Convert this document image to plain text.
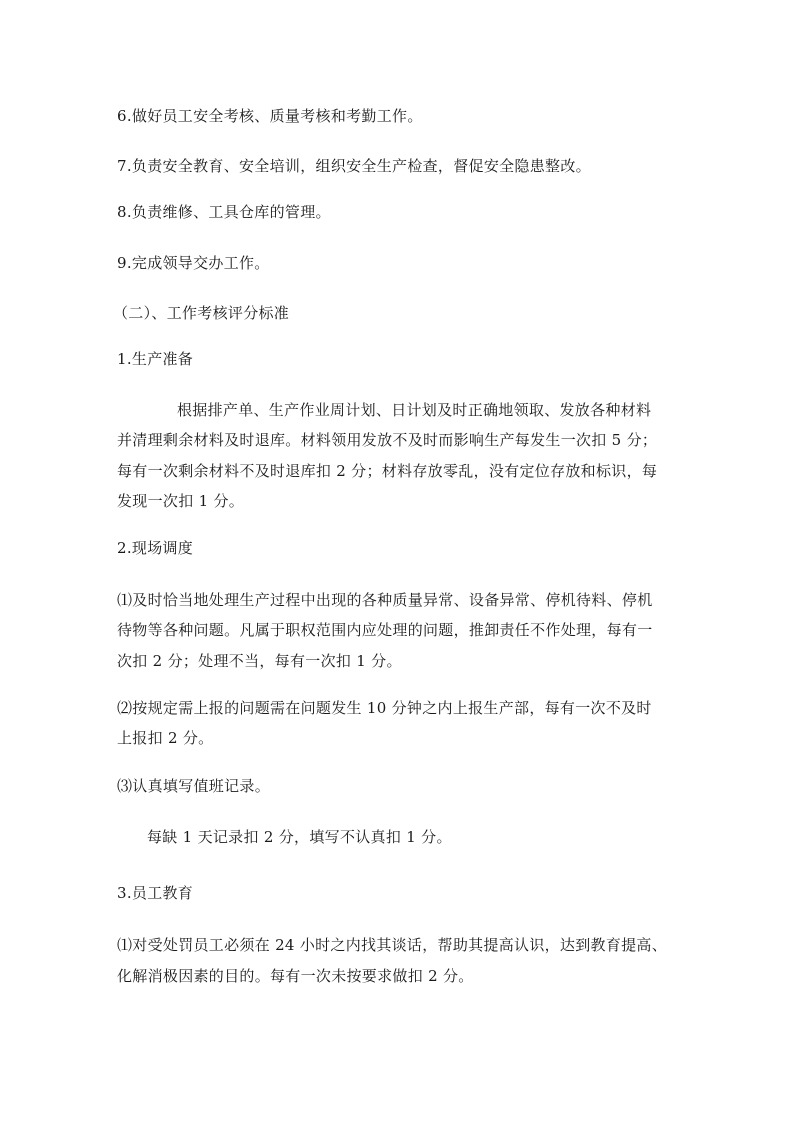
6.做好员工安全考核、质量考核和考勤工作。
7.负责安全教育、安全培训，组织安全生产检查，督促安全隐患整改。
8.负责维修、工具仓库的管理。
9.完成领导交办工作。
（二）、工作考核评分标准
1.生产准备
根据排产单、生产作业周计划、日计划及时正确地领取、发放各种材料
并清理剩余材料及时退库。材料领用发放不及时而影响生产每发生一次扣 5 分；
每有一次剩余材料不及时退库扣 2 分；材料存放零乱，没有定位存放和标识，每
发现一次扣 1 分。
2.现场调度
⑴及时恰当地处理生产过程中出现的各种质量异常、设备异常、停机待料、停机
待物等各种问题。凡属于职权范围内应处理的问题，推卸责任不作处理，每有一
次扣 2 分；处理不当，每有一次扣 1 分。
⑵按规定需上报的问题需在问题发生 10 分钟之内上报生产部，每有一次不及时
上报扣 2 分。
⑶认真填写值班记录。
每缺 1 天记录扣 2 分，填写不认真扣 1 分。
3.员工教育
⑴对受处罚员工必须在 24 小时之内找其谈话，帮助其提高认识，达到教育提高、
化解消极因素的目的。每有一次未按要求做扣 2 分。
